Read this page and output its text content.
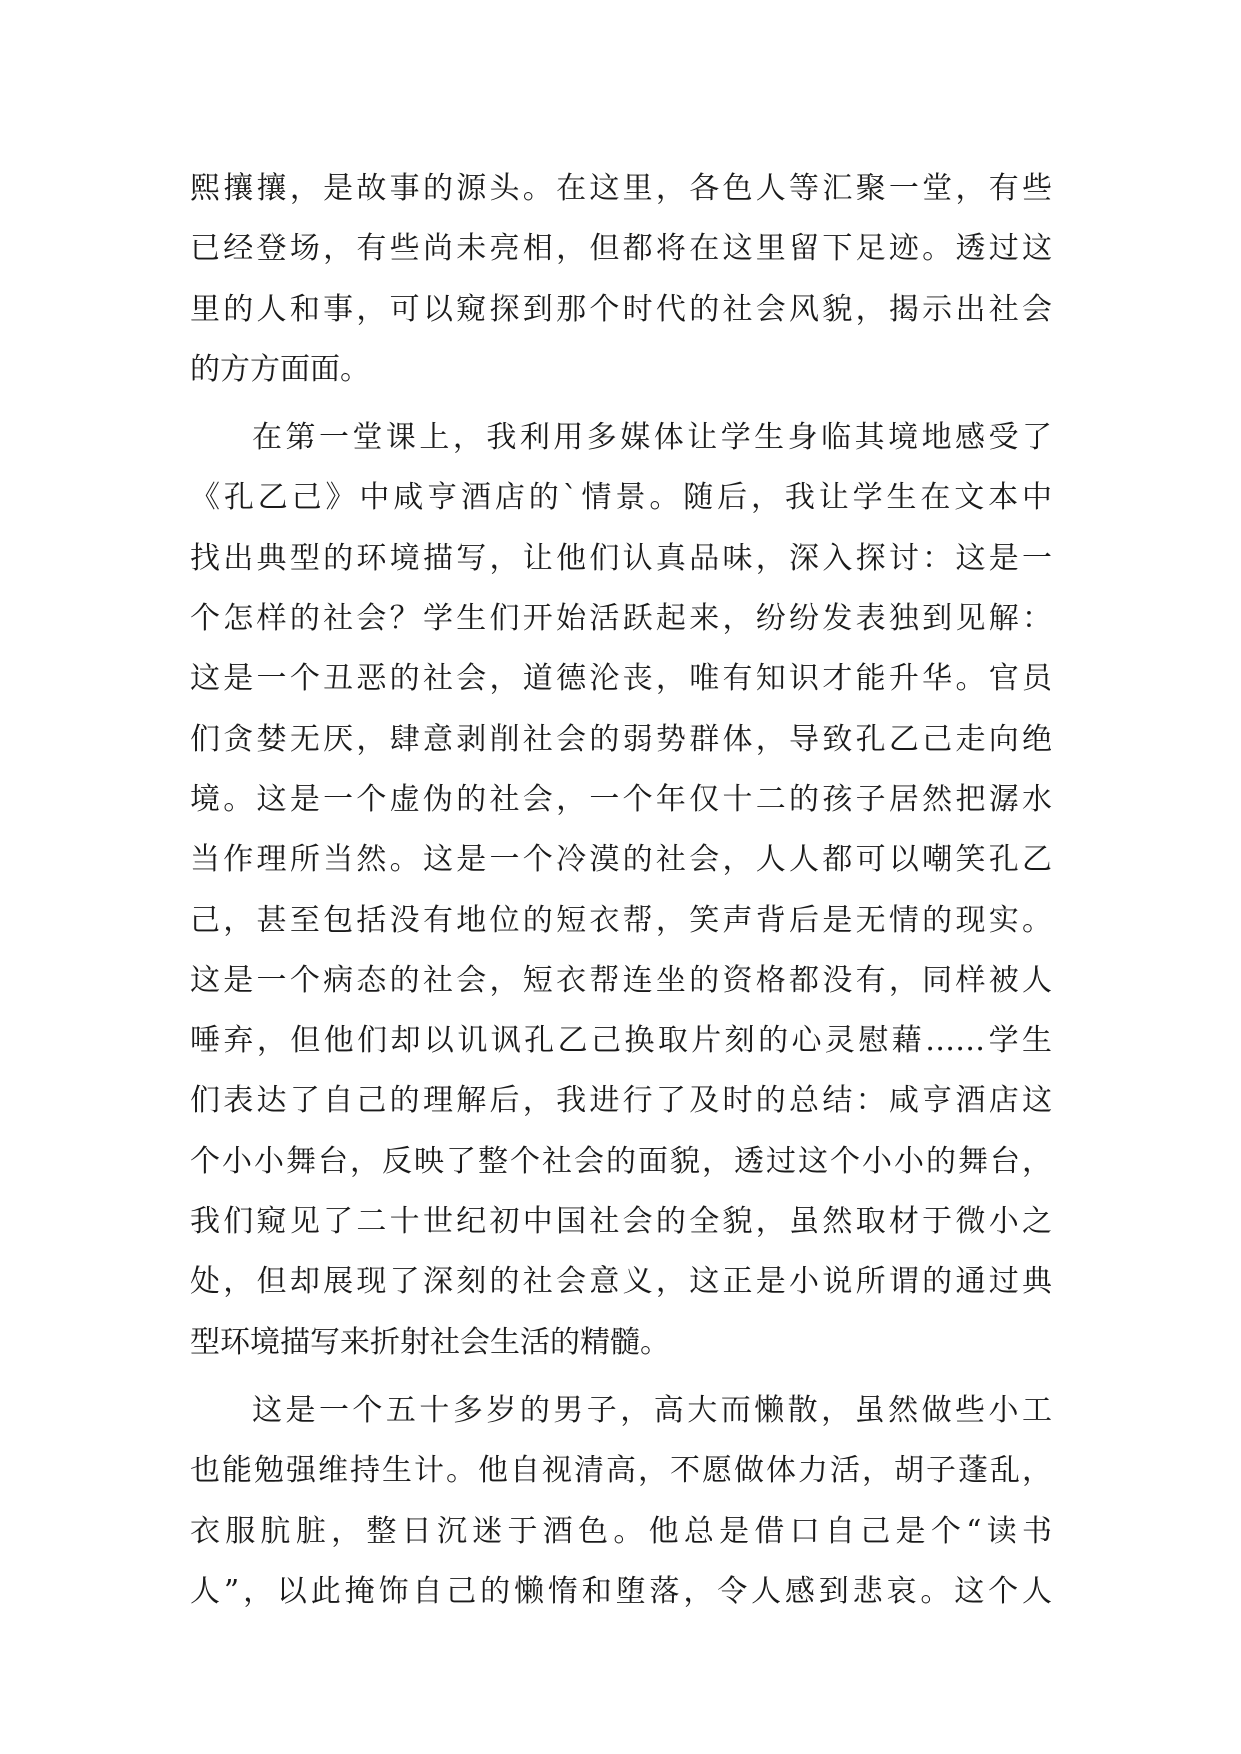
熙攘攘，是故事的源头。在这里，各色人等汇聚一堂，有些
已经登场，有些尚未亮相，但都将在这里留下足迹。透过这
里的人和事，可以窥探到那个时代的社会风貌，揭示出社会
的方方面面。
在第一堂课上，我利用多媒体让学生身临其境地感受了
《孔乙己》中咸亨酒店的`情景。随后，我让学生在文本中
找出典型的环境描写，让他们认真品味，深入探讨：这是一
个怎样的社会？学生们开始活跃起来，纷纷发表独到见解：
这是一个丑恶的社会，道德沦丧，唯有知识才能升华。官员
们贪婪无厌，肆意剥削社会的弱势群体，导致孔乙己走向绝
境。这是一个虚伪的社会，一个年仅十二的孩子居然把潺水
当作理所当然。这是一个冷漠的社会，人人都可以嘲笑孔乙
己，甚至包括没有地位的短衣帮，笑声背后是无情的现实。
这是一个病态的社会，短衣帮连坐的资格都没有，同样被人
唾弃，但他们却以讥讽孔乙己换取片刻的心灵慰藉……学生
们表达了自己的理解后，我进行了及时的总结：咸亨酒店这
个小小舞台，反映了整个社会的面貌，透过这个小小的舞台，
我们窥见了二十世纪初中国社会的全貌，虽然取材于微小之
处，但却展现了深刻的社会意义，这正是小说所谓的通过典
型环境描写来折射社会生活的精髓。
这是一个五十多岁的男子，高大而懒散，虽然做些小工
也能勉强维持生计。他自视清高，不愿做体力活，胡子蓬乱，
衣服肮脏，整日沉迷于酒色。他总是借口自己是个“读书
人”，以此掩饰自己的懒惰和堕落，令人感到悲哀。这个人
